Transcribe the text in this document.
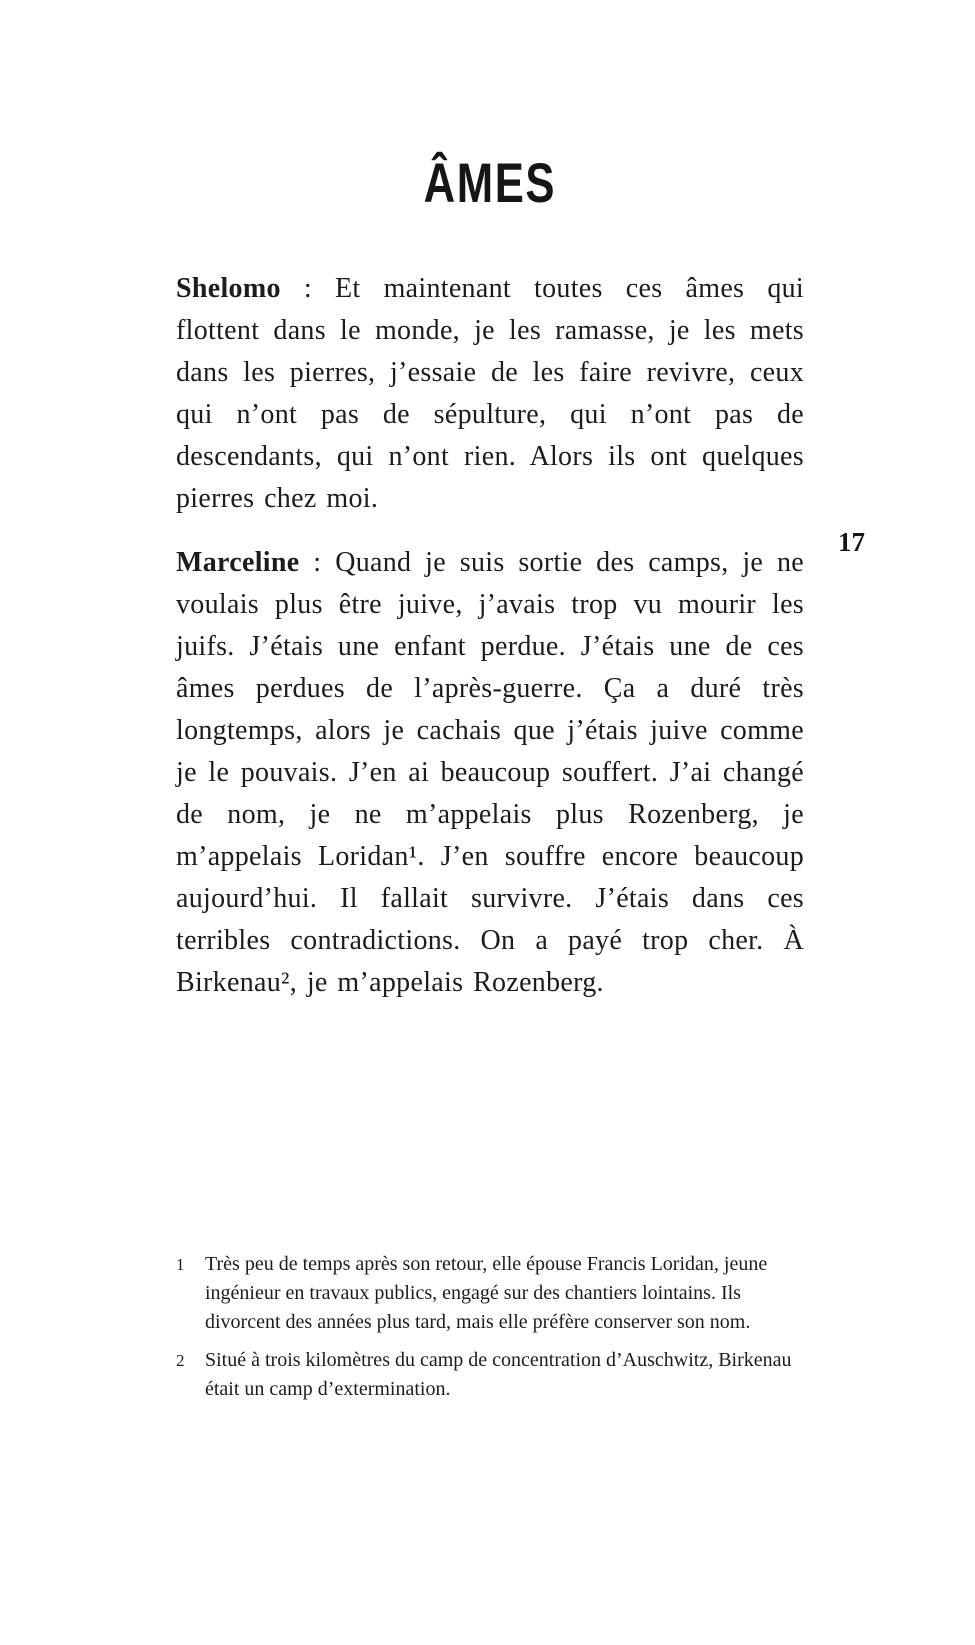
ÂMES

Shelomo : Et maintenant toutes ces âmes qui flottent dans le monde, je les ramasse, je les mets dans les pierres, j’essaie de les faire revivre, ceux qui n’ont pas de sépulture, qui n’ont pas de descendants, qui n’ont rien. Alors ils ont quelques pierres chez moi.

Marceline : Quand je suis sortie des camps, je ne voulais plus être juive, j’avais trop vu mourir les juifs. J’étais une enfant perdue. J’étais une de ces âmes perdues de l’après-guerre. Ça a duré très longtemps, alors je cachais que j’étais juive comme je le pouvais. J’en ai beaucoup souffert. J’ai changé de nom, je ne m’appelais plus Rozenberg, je m’appelais Loridan¹. J’en souffre encore beaucoup aujourd’hui. Il fallait survivre. J’étais dans ces terribles contradictions. On a payé trop cher. À Birkenau², je m’appelais Rozenberg.

17
1	Très peu de temps après son retour, elle épouse Francis Loridan, jeune ingénieur en travaux publics, engagé sur des chantiers lointains. Ils divorcent des années plus tard, mais elle préfère conserver son nom.
2	Situé à trois kilomètres du camp de concentration d’Auschwitz, Birkenau était un camp d’extermination.
